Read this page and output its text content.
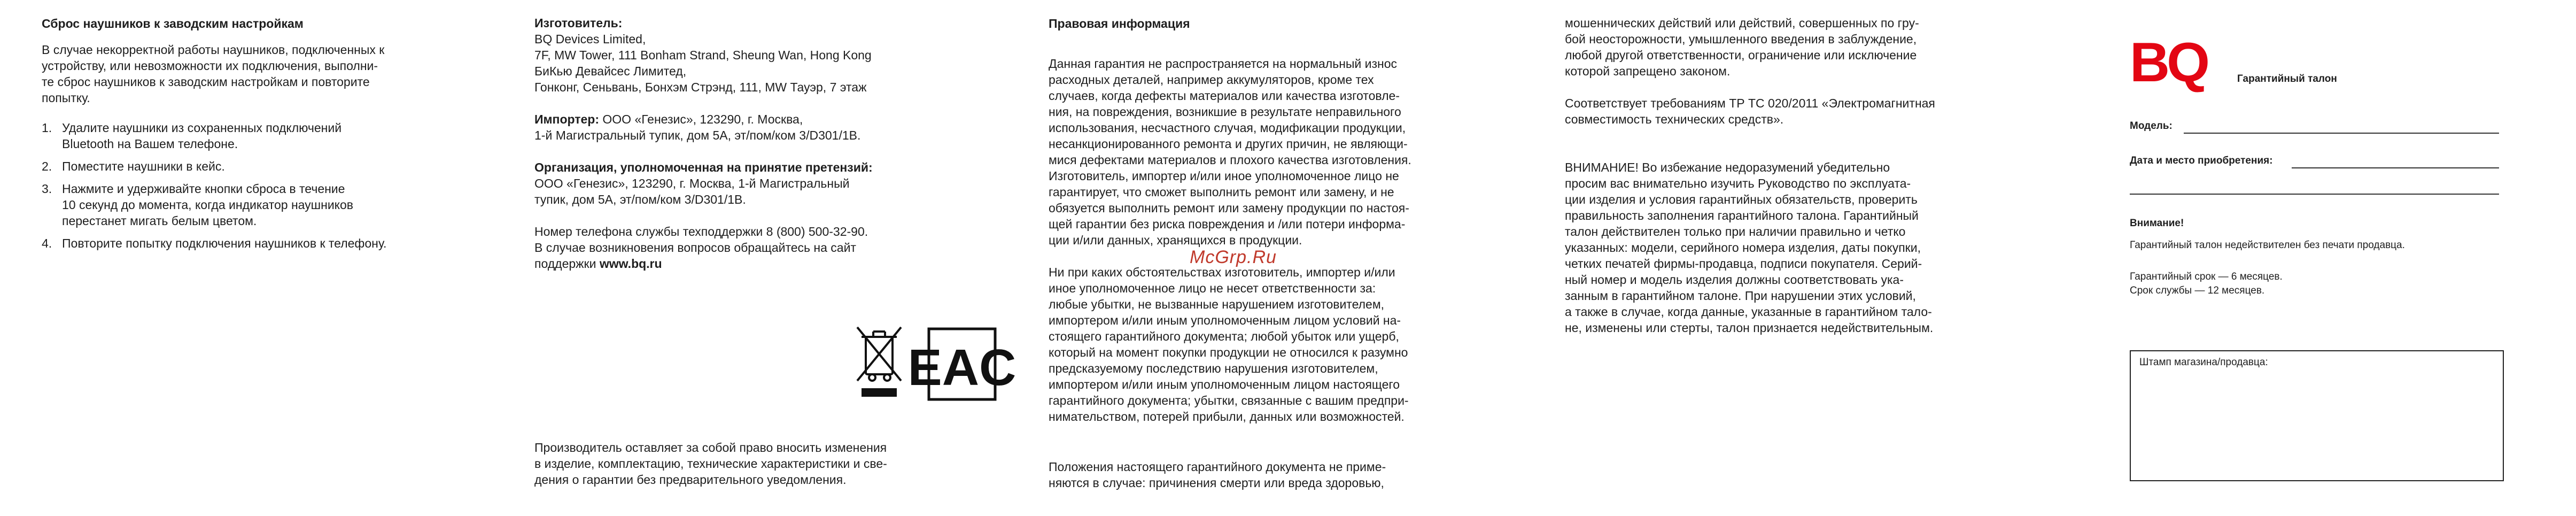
Сброс наушников к заводским настройкам

В случае некорректной работы наушников, подключенных к
устройству, или невозможности их подключения, выполни-
те сброс наушников к заводским настройкам и повторите
попытку.

1. Удалите наушники из сохраненных подключений
Bluetooth на Вашем телефоне.
2. Поместите наушники в кейс.
3. Нажмите и удерживайте кнопки сброса в течение
10 секунд до момента, когда индикатор наушников
перестанет мигать белым цветом.
4. Повторите попытку подключения наушников к телефону.
Изготовитель:

BQ Devices Limited,
7F, MW Tower, 111 Bonham Strand, Sheung Wan, Hong Kong
БиКью Девайсес Лимитед,
Гонконг, Сеньвань, Бонхэм Стрэнд, 111, MW Тауэр, 7 этаж

Импортер: ООО «Генезис», 123290, г. Москва,
1-й Магистральный тупик, дом 5А, эт/пом/ком 3/D301/1В.

Организация, уполномоченная на принятие претензий:

ООО «Генезис», 123290, г. Москва, 1-й Магистральный
тупик, дом 5А, эт/пом/ком 3/D301/1В.

Номер телефона службы техподдержки 8 (800) 500-32-90.
В случае возникновения вопросов обращайтесь на сайт
поддержки www.bq.ru

EAC

Производитель оставляет за собой право вносить изменения
в изделие, комплектацию, технические характеристики и све-
дения о гарантии без предварительного уведомления.

Правовая информация

Данная гарантия не распространяется на нормальный износ
расходных деталей, например аккумуляторов, кроме тех
случаев, когда дефекты материалов или качества изготовле-
ния, на повреждения, возникшие в результате неправильного
использования, несчастного случая, модификации продукции,
несанкционированного ремонта и других причин, не являющи-
мися дефектами материалов и плохого качества изготовления.
Изготовитель, импортер и/или иное уполномоченное лицо не
гарантирует, что сможет выполнить ремонт или замену, и не
обязуется выполнить ремонт или замену продукции по настоя-
щей гарантии без риска повреждения и /или потери информа-
ции и/или данных, хранящихся в продукции.

Ни при каких обстоятельствах изготовитель, импортер и/или
иное уполномоченное лицо не несет ответственности за:
любые убытки, не вызванные нарушением изготовителем,
импортером и/или иным уполномоченным лицом условий на-
стоящего гарантийного документа; любой убыток или ущерб,
который на момент покупки продукции не относился к разумно
предсказуемому последствию нарушения изготовителем,
импортером и/или иным уполномоченным лицом настоящего
гарантийного документа; убытки, связанные с вашим предпри-
нимательством, потерей прибыли, данных или возможностей.

McGrp.Ru

Положения настоящего гарантийного документа не приме-
няются в случае: причинения смерти или вреда здоровью,

мошеннических действий или действий, совершенных по гру-
бой неосторожности, умышленного введения в заблуждение,
любой другой ответственности, ограничение или исключение
которой запрещено законом.

Соответствует требованиям ТР ТС 020/2011 «Электромагнитная
совместимость технических средств».

ВНИМАНИЕ! Во избежание недоразумений убедительно
просим вас внимательно изучить Руководство по эксплуата-
ции изделия и условия гарантийных обязательств, проверить
правильность заполнения гарантийного талона. Гарантийный
талон действителен только при наличии правильно и четко
указанных: модели, серийного номера изделия, даты покупки,
четких печатей фирмы-продавца, подписи покупателя. Серий-
ный номер и модель изделия должны соответствовать ука-
занным в гарантийном талоне. При нарушении этих условий,
а также в случае, когда данные, указанные в гарантийном тало-
не, изменены или стерты, талон признается недействительным.

BQ	Гарантийный талон
Модель:
Дата и место приобретения:
Внимание!
Гарантийный талон недействителен без печати продавца.
Гарантийный срок — 6 месяцев.
Срок службы — 12 месяцев.
Штамп магазина/продавца:
